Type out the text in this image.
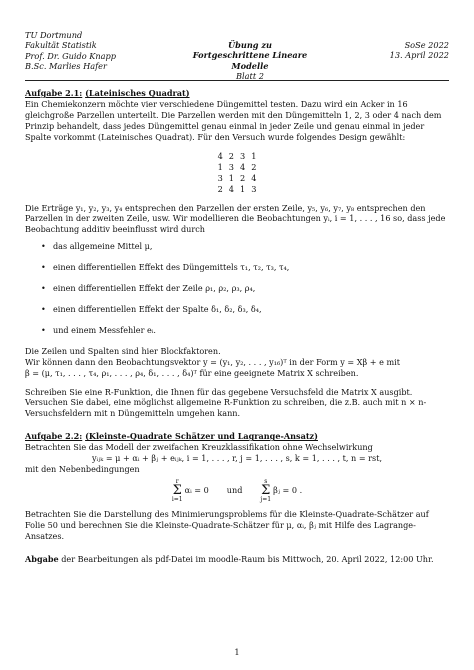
TU Dortmund
Fakultät Statistik
Prof. Dr. Guido Knapp
B.Sc. Marlies Hafer
Übung zu
Fortgeschrittene Lineare Modelle
Blatt 2
SoSe 2022
13. April 2022

Aufgabe 2.1: (Lateinisches Quadrat)

Ein Chemiekonzern möchte vier verschiedene Düngemittel testen. Dazu wird ein Acker in 16 gleichgroße Parzellen unterteilt. Die Parzellen werden mit den Düngemitteln 1, 2, 3 oder 4 nach dem Prinzip behandelt, dass jedes Düngemittel genau einmal in jeder Zeile und genau einmal in jeder Spalte vorkommt (Lateinisches Quadrat). Für den Versuch wurde folgendes Design gewählt:

4	2	3	1
1	3	4	2
3	1	2	4
2	4	1	3

Die Erträge y₁, y₂, y₃, y₄ entsprechen den Parzellen der ersten Zeile, y₅, y₆, y₇, y₈ entsprechen den Parzellen in der zweiten Zeile, usw. Wir modellieren die Beobachtungen yᵢ, i = 1, . . . , 16 so, dass jede Beobachtung additiv beeinflusst wird durch

• das allgemeine Mittel μ,
• einen differentiellen Effekt des Düngemittels τ₁, τ₂, τ₃, τ₄,
• einen differentiellen Effekt der Zeile ρ₁, ρ₂, ρ₃, ρ₄,
• einen differentiellen Effekt der Spalte δ₁, δ₂, δ₃, δ₄,
• und einem Messfehler eᵢ.

Die Zeilen und Spalten sind hier Blockfaktoren.

Wir können dann den Beobachtungsvektor y = (y₁, y₂, . . . , y₁₆)ᵀ in der Form y = Xβ + e mit

β = (μ, τ₁, . . . , τ₄, ρ₁, . . . , ρ₄, δ₁, . . . , δ₄)ᵀ für eine geeignete Matrix X schreiben.

Schreiben Sie eine R-Funktion, die Ihnen für das gegebene Versuchsfeld die Matrix X ausgibt. Versuchen Sie dabei, eine möglichst allgemeine R-Funktion zu schreiben, die z.B. auch mit n × n-Versuchsfeldern mit n Düngemitteln umgehen kann.

Aufgabe 2.2: (Kleinste-Quadrate Schätzer und Lagrange-Ansatz)

Betrachten Sie das Modell der zweifachen Kreuzklassifikation ohne Wechselwirkung

yᵢⱼₖ = μ + αᵢ + βⱼ + eᵢⱼₖ, i = 1, . . . , r, j = 1, . . . , s, k = 1, . . . , t, n = rst,

mit den Nebenbedingungen

r
Σ
i=1
αᵢ = 0 und
s
Σ
j=1
βⱼ = 0 .

Betrachten Sie die Darstellung des Minimierungsproblems für die Kleinste-Quadrate-Schätzer auf Folie 50 und berechnen Sie die Kleinste-Quadrate-Schätzer für μ, αᵢ, βⱼ mit Hilfe des Lagrange-Ansatzes.

Abgabe der Bearbeitungen als pdf-Datei im moodle-Raum bis Mittwoch, 20. April 2022, 12:00 Uhr.

1
